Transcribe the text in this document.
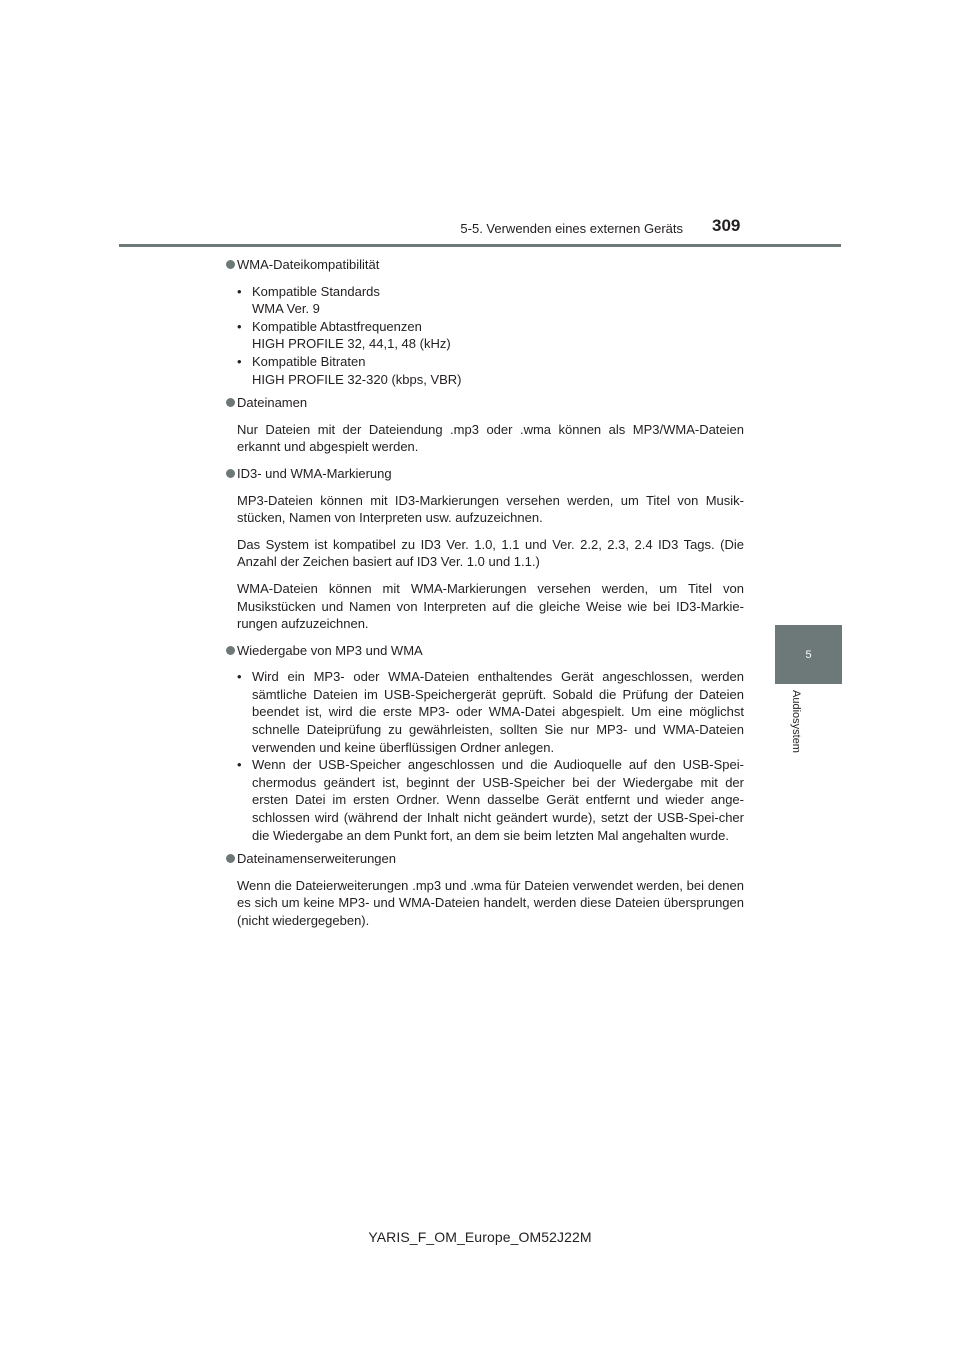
5-5. Verwenden eines externen Geräts 309
5
Audiosystem
WMA-Dateikompatibilität
• Kompatible Standards
WMA Ver. 9
• Kompatible Abtastfrequenzen
HIGH PROFILE 32, 44,1, 48 (kHz)
• Kompatible Bitraten
HIGH PROFILE 32-320 (kbps, VBR)
Dateinamen
Nur Dateien mit der Dateiendung .mp3 oder .wma können als MP3/WMA-Dateien erkannt und abgespielt werden.
ID3- und WMA-Markierung
MP3-Dateien können mit ID3-Markierungen versehen werden, um Titel von Musik-stücken, Namen von Interpreten usw. aufzuzeichnen.
Das System ist kompatibel zu ID3 Ver. 1.0, 1.1 und Ver. 2.2, 2.3, 2.4 ID3 Tags. (Die Anzahl der Zeichen basiert auf ID3 Ver. 1.0 und 1.1.)
WMA-Dateien können mit WMA-Markierungen versehen werden, um Titel von Musikstücken und Namen von Interpreten auf die gleiche Weise wie bei ID3-Markie-rungen aufzuzeichnen.
Wiedergabe von MP3 und WMA
• Wird ein MP3- oder WMA-Dateien enthaltendes Gerät angeschlossen, werden sämtliche Dateien im USB-Speichergerät geprüft. Sobald die Prüfung der Dateien beendet ist, wird die erste MP3- oder WMA-Datei abgespielt. Um eine möglichst schnelle Dateiprüfung zu gewährleisten, sollten Sie nur MP3- und WMA-Dateien verwenden und keine überflüssigen Ordner anlegen.
• Wenn der USB-Speicher angeschlossen und die Audioquelle auf den USB-Spei-chermodus geändert ist, beginnt der USB-Speicher bei der Wiedergabe mit der ersten Datei im ersten Ordner. Wenn dasselbe Gerät entfernt und wieder ange-schlossen wird (während der Inhalt nicht geändert wurde), setzt der USB-Spei-cher die Wiedergabe an dem Punkt fort, an dem sie beim letzten Mal angehalten wurde.
Dateinamenserweiterungen
Wenn die Dateierweiterungen .mp3 und .wma für Dateien verwendet werden, bei denen es sich um keine MP3- und WMA-Dateien handelt, werden diese Dateien übersprungen (nicht wiedergegeben).
YARIS_F_OM_Europe_OM52J22M
